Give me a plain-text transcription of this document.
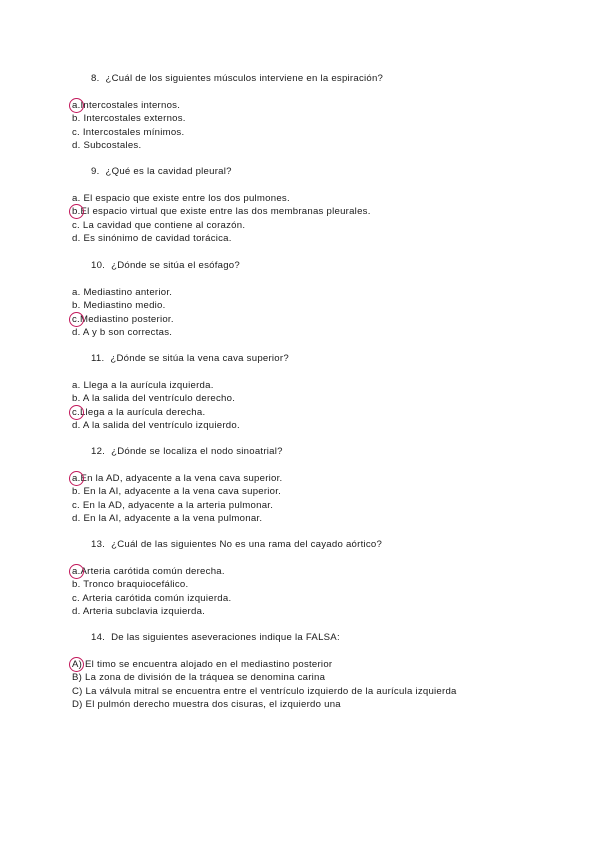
8. ¿Cuál de los siguientes músculos interviene en la espiración?
a.Intercostales internos.
b. Intercostales externos.
c. Intercostales mínimos.
d. Subcostales.
9. ¿Qué es la cavidad pleural?
a. El espacio que existe entre los dos pulmones.
b.El espacio virtual que existe entre las dos membranas pleurales.
c. La cavidad que contiene al corazón.
d. Es sinónimo de cavidad torácica.
10. ¿Dónde se sitúa el esófago?
a. Mediastino anterior.
b. Mediastino medio.
c.Mediastino posterior.
d. A y b son correctas.
11. ¿Dónde se sitúa la vena cava superior?
a. Llega a la aurícula izquierda.
b. A la salida del ventrículo derecho.
c.Llega a la aurícula derecha.
d. A la salida del ventrículo izquierdo.
12. ¿Dónde se localiza el nodo sinoatrial?
a.En la AD, adyacente a la vena cava superior.
b. En la AI, adyacente a la vena cava superior.
c. En la AD, adyacente a la arteria pulmonar.
d. En la AI, adyacente a la vena pulmonar.
13. ¿Cuál de las siguientes No es una rama del cayado aórtico?
a.Arteria carótida común derecha.
b. Tronco braquiocefálico.
c. Arteria carótida común izquierda.
d. Arteria subclavia izquierda.
14. De las siguientes aseveraciones indique la FALSA:
A) El timo se encuentra alojado en el mediastino posterior
B) La zona de división de la tráquea se denomina carina
C) La válvula mitral se encuentra entre el ventrículo izquierdo de la aurícula izquierda
D) El pulmón derecho muestra dos cisuras, el izquierdo una
